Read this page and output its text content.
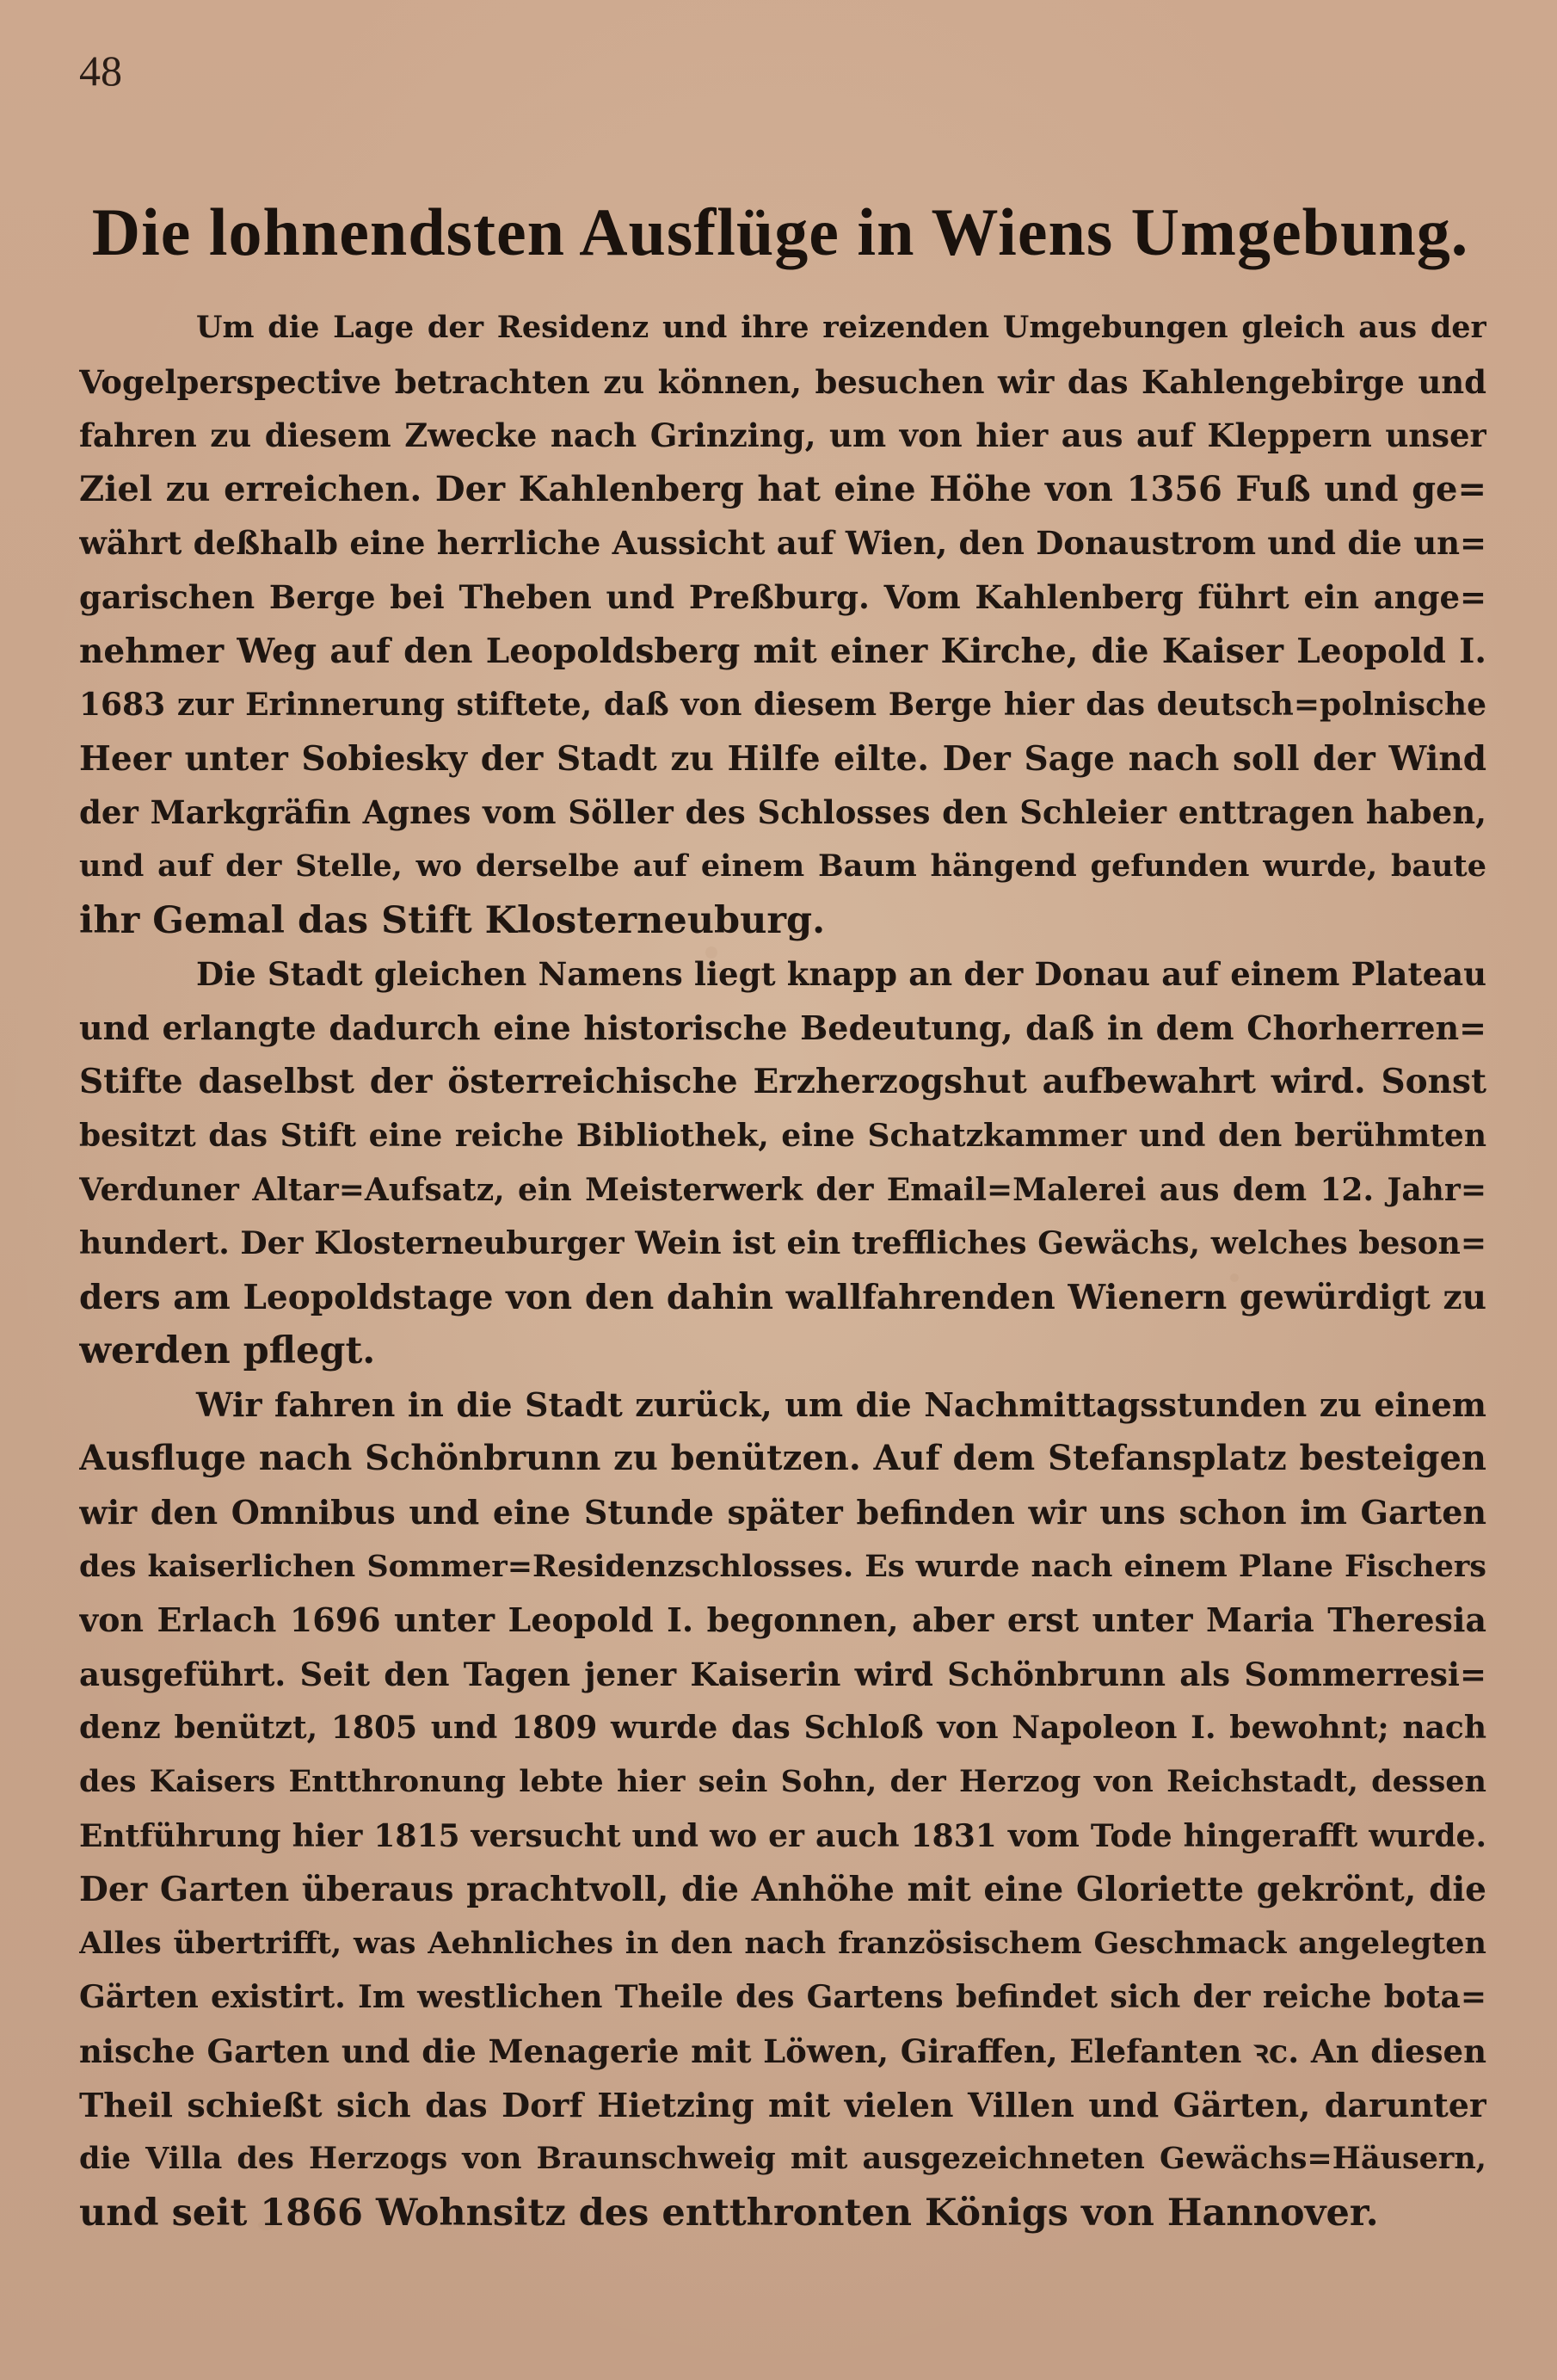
48
Die lohnendsten Ausflüge in Wiens Umgebung.
Um die Lage der Residenz und ihre reizenden Umgebungen gleich aus der
Vogelperspective betrachten zu können, besuchen wir das Kahlengebirge und
fahren zu diesem Zwecke nach Grinzing, um von hier aus auf Kleppern unser
Ziel zu erreichen. Der Kahlenberg hat eine Höhe von 1356 Fuß und ge=
währt deßhalb eine herrliche Aussicht auf Wien, den Donaustrom und die un=
garischen Berge bei Theben und Preßburg. Vom Kahlenberg führt ein ange=
nehmer Weg auf den Leopoldsberg mit einer Kirche, die Kaiser Leopold I.
1683 zur Erinnerung stiftete, daß von diesem Berge hier das deutsch=polnische
Heer unter Sobiesky der Stadt zu Hilfe eilte. Der Sage nach soll der Wind
der Markgräfin Agnes vom Söller des Schlosses den Schleier enttragen haben,
und auf der Stelle, wo derselbe auf einem Baum hängend gefunden wurde, baute
ihr Gemal das Stift Klosterneuburg.
Die Stadt gleichen Namens liegt knapp an der Donau auf einem Plateau
und erlangte dadurch eine historische Bedeutung, daß in dem Chorherren=
Stifte daselbst der österreichische Erzherzogshut aufbewahrt wird. Sonst
besitzt das Stift eine reiche Bibliothek, eine Schatzkammer und den berühmten
Verduner Altar=Aufsatz, ein Meisterwerk der Email=Malerei aus dem 12. Jahr=
hundert. Der Klosterneuburger Wein ist ein treffliches Gewächs, welches beson=
ders am Leopoldstage von den dahin wallfahrenden Wienern gewürdigt zu
werden pflegt.
Wir fahren in die Stadt zurück, um die Nachmittagsstunden zu einem
Ausfluge nach Schönbrunn zu benützen. Auf dem Stefansplatz besteigen
wir den Omnibus und eine Stunde später befinden wir uns schon im Garten
des kaiserlichen Sommer=Residenzschlosses. Es wurde nach einem Plane Fischers
von Erlach 1696 unter Leopold I. begonnen, aber erst unter Maria Theresia
ausgeführt. Seit den Tagen jener Kaiserin wird Schönbrunn als Sommerresi=
denz benützt, 1805 und 1809 wurde das Schloß von Napoleon I. bewohnt; nach
des Kaisers Entthronung lebte hier sein Sohn, der Herzog von Reichstadt, dessen
Entführung hier 1815 versucht und wo er auch 1831 vom Tode hingerafft wurde.
Der Garten überaus prachtvoll, die Anhöhe mit eine Gloriette gekrönt, die
Alles übertrifft, was Aehnliches in den nach französischem Geschmack angelegten
Gärten existirt. Im westlichen Theile des Gartens befindet sich der reiche bota=
nische Garten und die Menagerie mit Löwen, Giraffen, Elefanten ꝛc. An diesen
Theil schießt sich das Dorf Hietzing mit vielen Villen und Gärten, darunter
die Villa des Herzogs von Braunschweig mit ausgezeichneten Gewächs=Häusern,
und seit 1866 Wohnsitz des entthronten Königs von Hannover.
